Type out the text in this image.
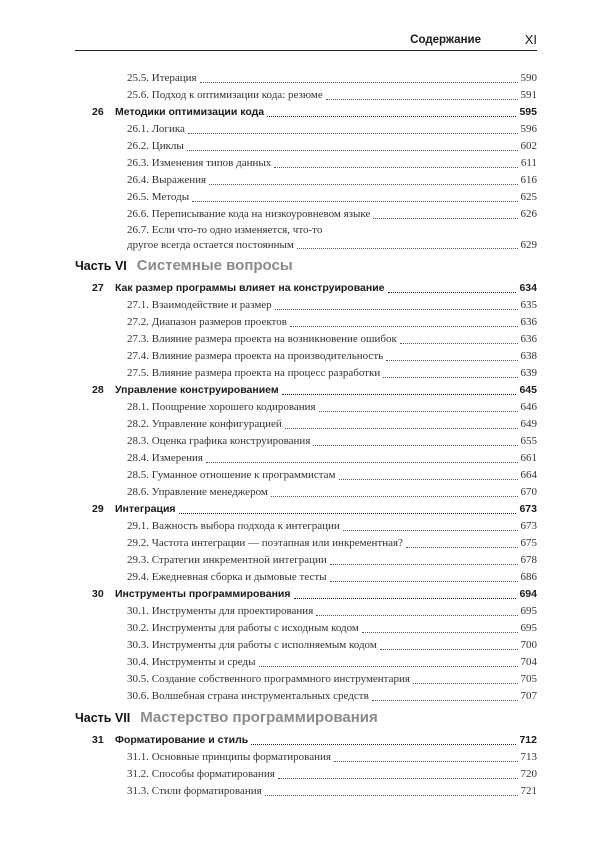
Содержание	XI
25.5. Итерация	590
25.6. Подход к оптимизации кода: резюме	591
26 Методики оптимизации кода	595
26.1. Логика	596
26.2. Циклы	602
26.3. Изменения типов данных	611
26.4. Выражения	616
26.5. Методы	625
26.6. Переписывание кода на низкоуровневом языке	626
26.7. Если что-то одно изменяется, что-то
другое всегда остается постоянным	629
Часть VI Системные вопросы
27 Как размер программы влияет на конструирование	634
27.1. Взаимодействие и размер	635
27.2. Диапазон размеров проектов	636
27.3. Влияние размера проекта на возникновение ошибок	636
27.4. Влияние размера проекта на производительность	638
27.5. Влияние размера проекта на процесс разработки	639
28 Управление конструированием	645
28.1. Поощрение хорошего кодирования	646
28.2. Управление конфигурацией	649
28.3. Оценка графика конструирования	655
28.4. Измерения	661
28.5. Гуманное отношение к программистам	664
28.6. Управление менеджером	670
29 Интеграция	673
29.1. Важность выбора подхода к интеграции	673
29.2. Частота интеграции — поэтапная или инкрементная?	675
29.3. Стратегии инкрементной интеграции	678
29.4. Ежедневная сборка и дымовые тесты	686
30 Инструменты программирования	694
30.1. Инструменты для проектирования	695
30.2. Инструменты для работы с исходным кодом	695
30.3. Инструменты для работы с исполняемым кодом	700
30.4. Инструменты и среды	704
30.5. Создание собственного программного инструментария	705
30.6. Волшебная страна инструментальных средств	707
Часть VII Мастерство программирования
31 Форматирование и стиль	712
31.1. Основные принципы форматирования	713
31.2. Способы форматирования	720
31.3. Стили форматирования	721
